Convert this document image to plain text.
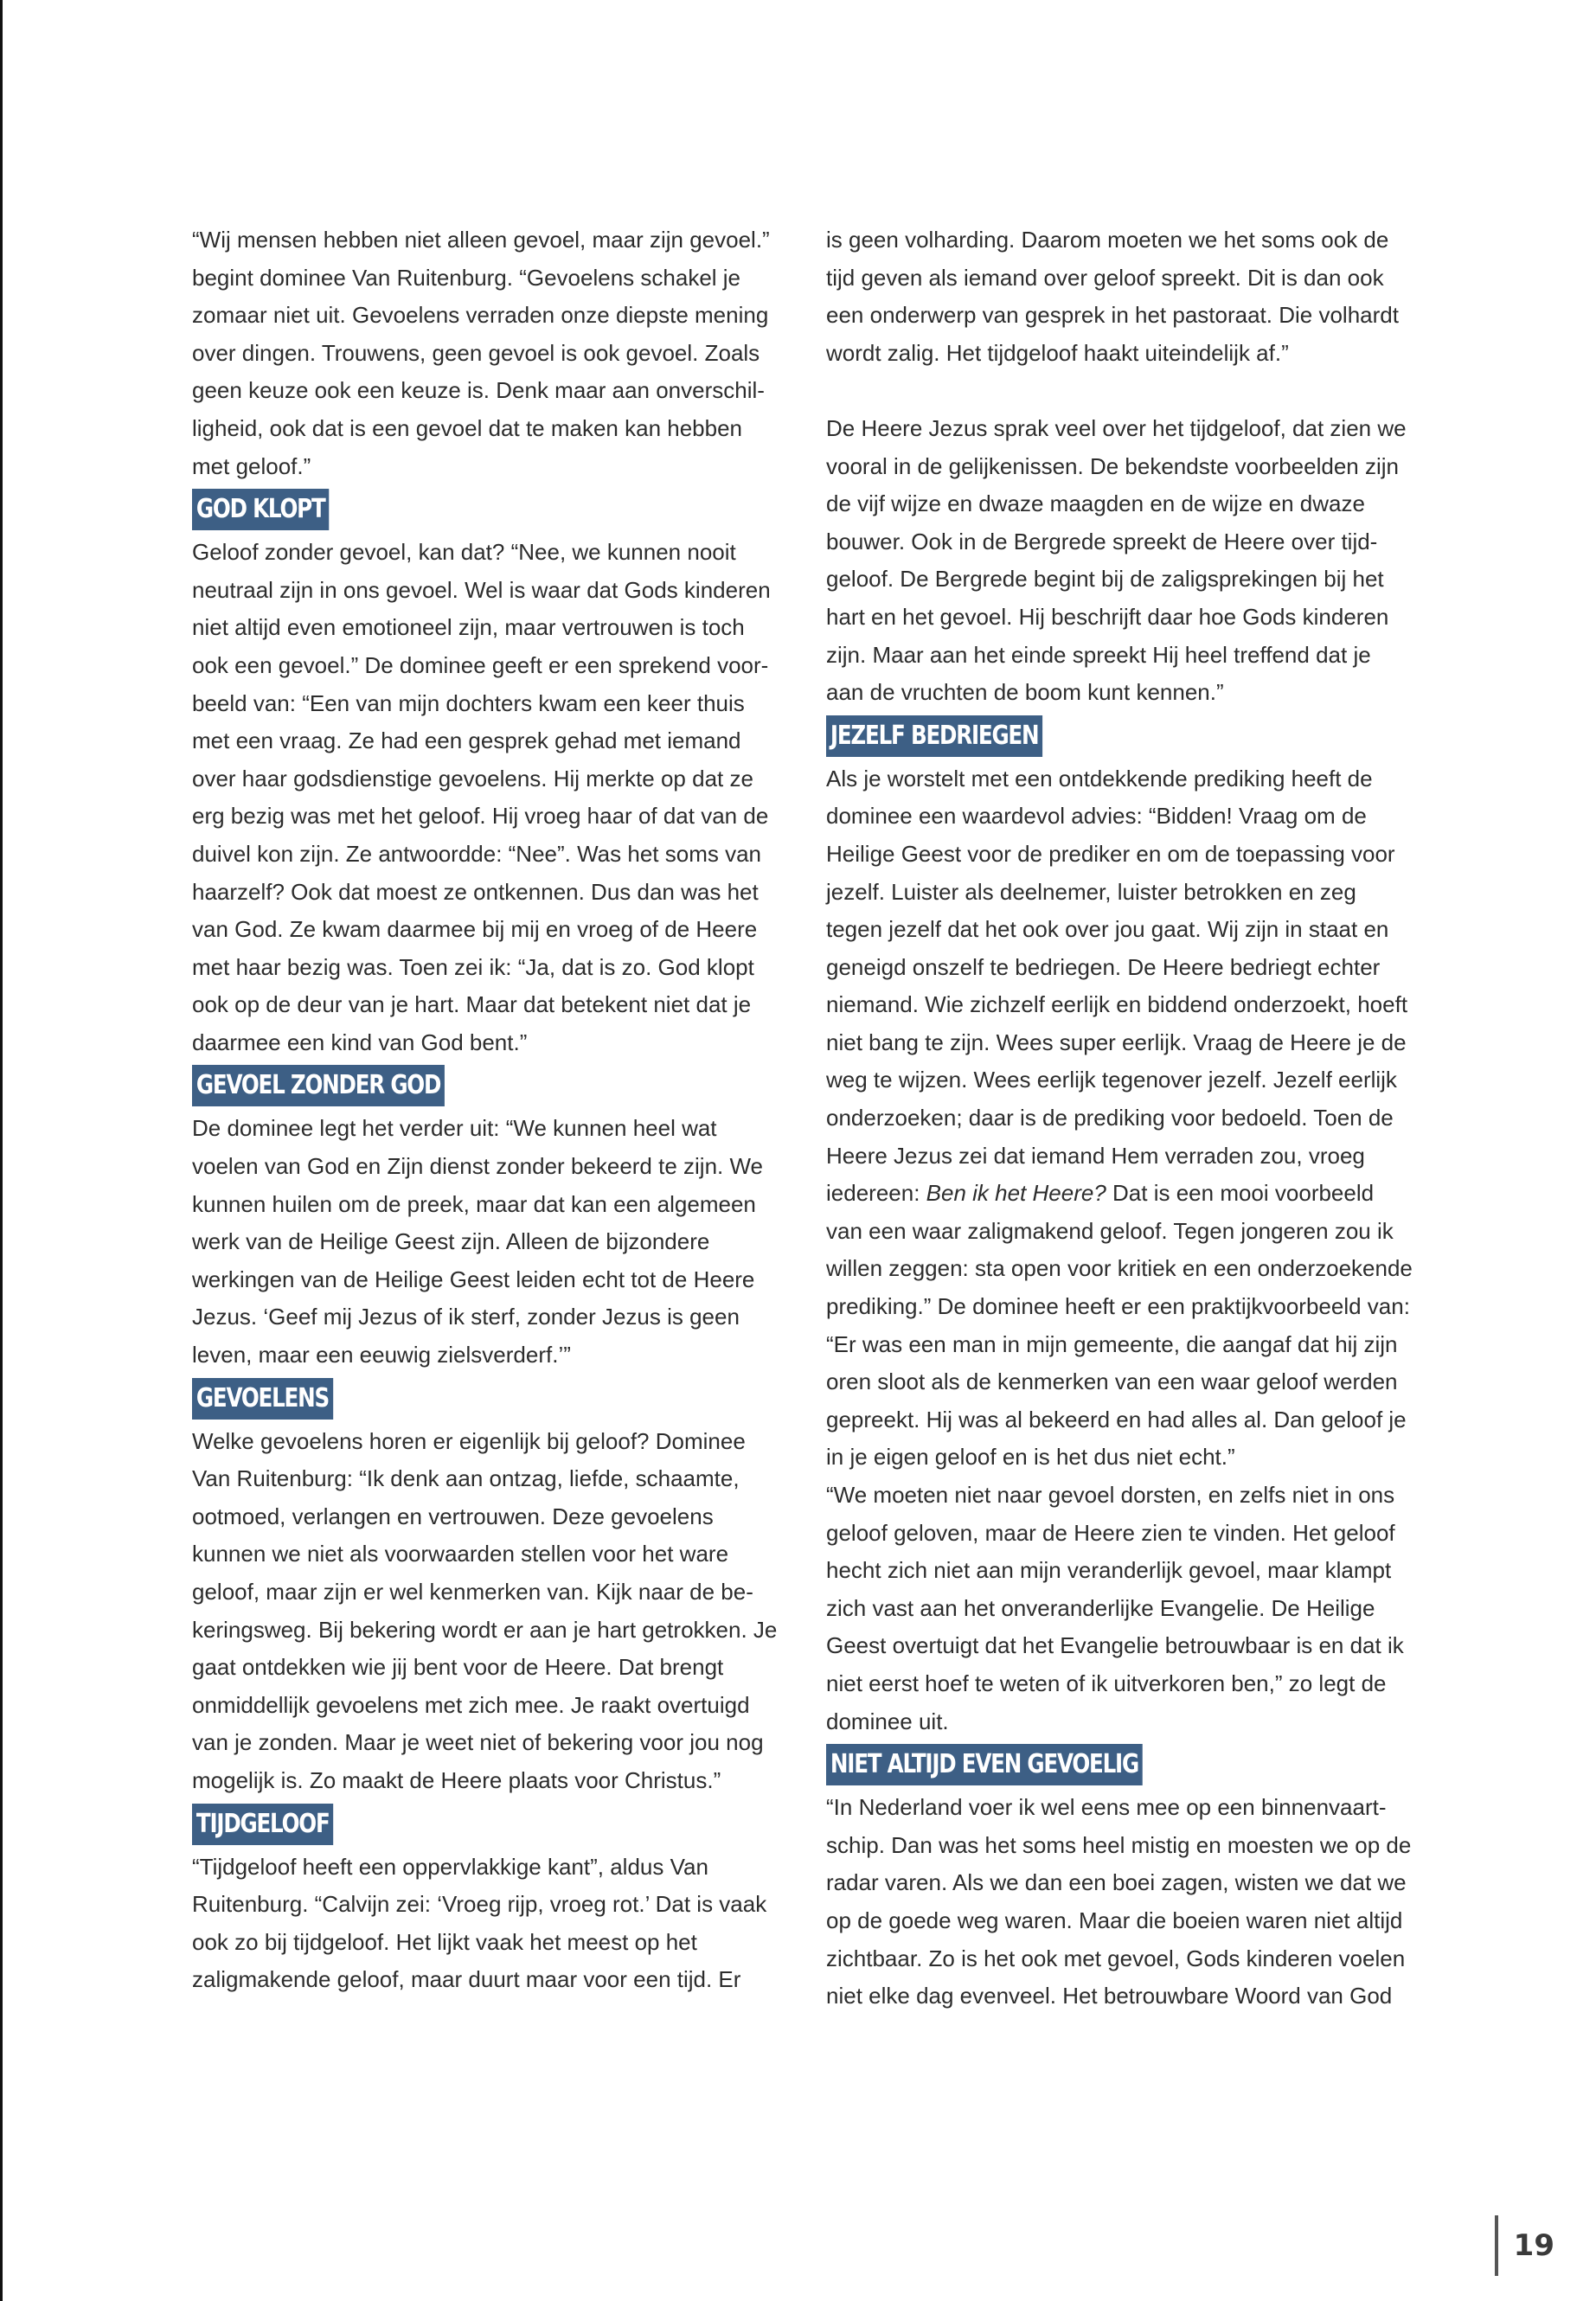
“Wij mensen hebben niet alleen gevoel, maar zijn gevoel.” begint dominee Van Ruitenburg. “Gevoelens schakel je zomaar niet uit. Gevoelens verraden onze diepste mening over dingen. Trouwens, geen gevoel is ook gevoel. Zoals geen keuze ook een keuze is. Denk maar aan onverschil-ligheid, ook dat is een gevoel dat te maken kan hebben met geloof.”

GOD KLOPT

Geloof zonder gevoel, kan dat? “Nee, we kunnen nooit neutraal zijn in ons gevoel. Wel is waar dat Gods kinderen niet altijd even emotioneel zijn, maar vertrouwen is toch ook een gevoel.” De dominee geeft er een sprekend voor-beeld van: “Een van mijn dochters kwam een keer thuis met een vraag. Ze had een gesprek gehad met iemand over haar godsdienstige gevoelens. Hij merkte op dat ze erg bezig was met het geloof. Hij vroeg haar of dat van de duivel kon zijn. Ze antwoordde: “Nee”. Was het soms van haarzelf? Ook dat moest ze ontkennen. Dus dan was het van God. Ze kwam daarmee bij mij en vroeg of de Heere met haar bezig was. Toen zei ik: “Ja, dat is zo. God klopt ook op de deur van je hart. Maar dat betekent niet dat je daarmee een kind van God bent.”

GEVOEL ZONDER GOD

De dominee legt het verder uit: “We kunnen heel wat voelen van God en Zijn dienst zonder bekeerd te zijn. We kunnen huilen om de preek, maar dat kan een algemeen werk van de Heilige Geest zijn. Alleen de bijzondere werkingen van de Heilige Geest leiden echt tot de Heere Jezus. ‘Geef mij Jezus of ik sterf, zonder Jezus is geen leven, maar een eeuwig zielsverderf.’”

GEVOELENS

Welke gevoelens horen er eigenlijk bij geloof? Dominee Van Ruitenburg: “Ik denk aan ontzag, liefde, schaamte, ootmoed, verlangen en vertrouwen. Deze gevoelens kunnen we niet als voorwaarden stellen voor het ware geloof, maar zijn er wel kenmerken van. Kijk naar de be-keringsweg. Bij bekering wordt er aan je hart getrokken. Je gaat ontdekken wie jij bent voor de Heere. Dat brengt onmiddellijk gevoelens met zich mee. Je raakt overtuigd van je zonden. Maar je weet niet of bekering voor jou nog mogelijk is. Zo maakt de Heere plaats voor Christus.”

TIJDGELOOF

“Tijdgeloof heeft een oppervlakkige kant”, aldus Van Ruitenburg. “Calvijn zei: ‘Vroeg rijp, vroeg rot.’ Dat is vaak ook zo bij tijdgeloof. Het lijkt vaak het meest op het zaligmakende geloof, maar duurt maar voor een tijd. Er

is geen volharding. Daarom moeten we het soms ook de tijd geven als iemand over geloof spreekt. Dit is dan ook een onderwerp van gesprek in het pastoraat. Die volhardt wordt zalig. Het tijdgeloof haakt uiteindelijk af.”

De Heere Jezus sprak veel over het tijdgeloof, dat zien we vooral in de gelijkenissen. De bekendste voorbeelden zijn de vijf wijze en dwaze maagden en de wijze en dwaze bouwer. Ook in de Bergrede spreekt de Heere over tijd-geloof. De Bergrede begint bij de zaligsprekingen bij het hart en het gevoel. Hij beschrijft daar hoe Gods kinderen zijn. Maar aan het einde spreekt Hij heel treffend dat je aan de vruchten de boom kunt kennen.”

JEZELF BEDRIEGEN

Als je worstelt met een ontdekkende prediking heeft de dominee een waardevol advies: “Bidden! Vraag om de Heilige Geest voor de prediker en om de toepassing voor jezelf. Luister als deelnemer, luister betrokken en zeg tegen jezelf dat het ook over jou gaat. Wij zijn in staat en geneigd onszelf te bedriegen. De Heere bedriegt echter niemand. Wie zichzelf eerlijk en biddend onderzoekt, hoeft niet bang te zijn. Wees super eerlijk. Vraag de Heere je de weg te wijzen. Wees eerlijk tegenover jezelf. Jezelf eerlijk onderzoeken; daar is de prediking voor bedoeld. Toen de Heere Jezus zei dat iemand Hem verraden zou, vroeg iedereen: Ben ik het Heere? Dat is een mooi voorbeeld van een waar zaligmakend geloof. Tegen jongeren zou ik willen zeggen: sta open voor kritiek en een onderzoekende prediking.” De dominee heeft er een praktijkvoorbeeld van: “Er was een man in mijn gemeente, die aangaf dat hij zijn oren sloot als de kenmerken van een waar geloof werden gepreekt. Hij was al bekeerd en had alles al. Dan geloof je in je eigen geloof en is het dus niet echt.”

“We moeten niet naar gevoel dorsten, en zelfs niet in ons geloof geloven, maar de Heere zien te vinden. Het geloof hecht zich niet aan mijn veranderlijk gevoel, maar klampt zich vast aan het onveranderlijke Evangelie. De Heilige Geest overtuigt dat het Evangelie betrouwbaar is en dat ik niet eerst hoef te weten of ik uitverkoren ben,” zo legt de dominee uit.

NIET ALTIJD EVEN GEVOELIG

“In Nederland voer ik wel eens mee op een binnenvaart-schip. Dan was het soms heel mistig en moesten we op de radar varen. Als we dan een boei zagen, wisten we dat we op de goede weg waren. Maar die boeien waren niet altijd zichtbaar. Zo is het ook met gevoel, Gods kinderen voelen niet elke dag evenveel. Het betrouwbare Woord van God

19
